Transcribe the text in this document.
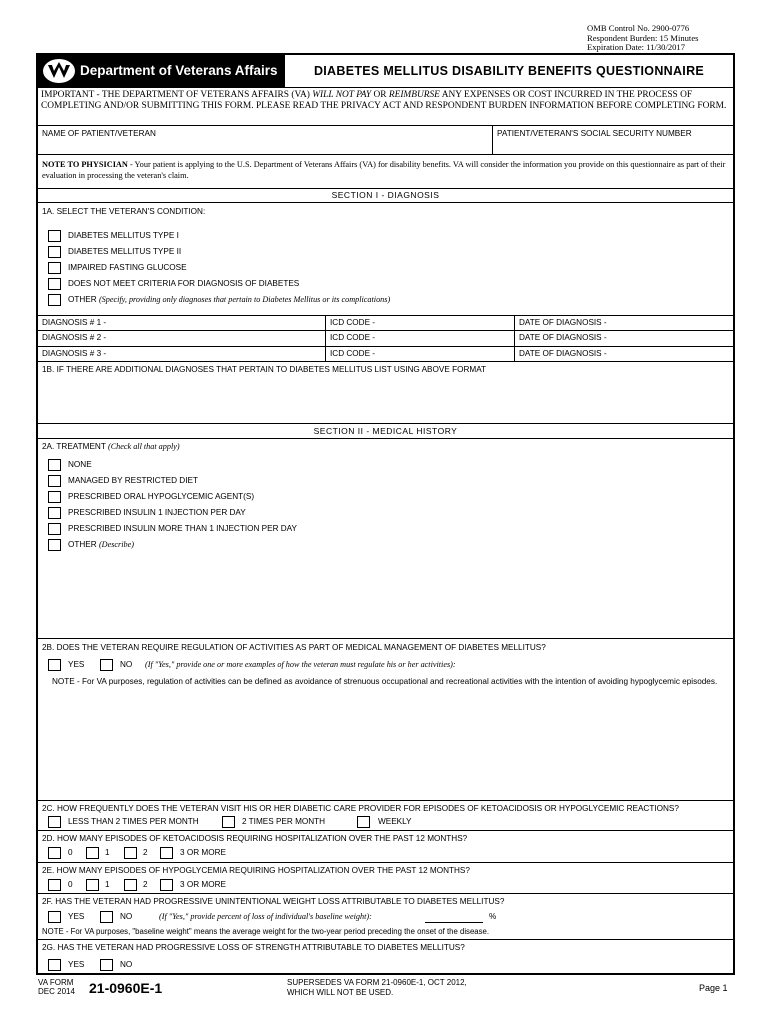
OMB Control No. 2900-0776
Respondent Burden: 15 Minutes
Expiration Date: 11/30/2017
Department of Veterans Affairs	DIABETES MELLITUS DISABILITY BENEFITS QUESTIONNAIRE
IMPORTANT - THE DEPARTMENT OF VETERANS AFFAIRS (VA) WILL NOT PAY OR REIMBURSE ANY EXPENSES OR COST INCURRED IN THE PROCESS OF COMPLETING AND/OR SUBMITTING THIS FORM. PLEASE READ THE PRIVACY ACT AND RESPONDENT BURDEN INFORMATION BEFORE COMPLETING FORM.
NAME OF PATIENT/VETERAN	PATIENT/VETERAN'S SOCIAL SECURITY NUMBER
NOTE TO PHYSICIAN - Your patient is applying to the U.S. Department of Veterans Affairs (VA) for disability benefits. VA will consider the information you provide on this questionnaire as part of their evaluation in processing the veteran's claim.
SECTION I - DIAGNOSIS
1A. SELECT THE VETERAN'S CONDITION:
DIABETES MELLITUS TYPE I
DIABETES MELLITUS TYPE II
IMPAIRED FASTING GLUCOSE
DOES NOT MEET CRITERIA FOR DIAGNOSIS OF DIABETES
OTHER (Specify, providing only diagnoses that pertain to Diabetes Mellitus or its complications)
DIAGNOSIS # 1 -	ICD CODE -	DATE OF DIAGNOSIS -
DIAGNOSIS # 2 -	ICD CODE -	DATE OF DIAGNOSIS -
DIAGNOSIS # 3 -	ICD CODE -	DATE OF DIAGNOSIS -
1B. IF THERE ARE ADDITIONAL DIAGNOSES THAT PERTAIN TO DIABETES MELLITUS LIST USING ABOVE FORMAT
SECTION II - MEDICAL HISTORY
2A. TREATMENT (Check all that apply)
NONE
MANAGED BY RESTRICTED DIET
PRESCRIBED ORAL HYPOGLYCEMIC AGENT(S)
PRESCRIBED INSULIN 1 INJECTION PER DAY
PRESCRIBED INSULIN MORE THAN 1 INJECTION PER DAY
OTHER (Describe)
2B. DOES THE VETERAN REQUIRE REGULATION OF ACTIVITIES AS PART OF MEDICAL MANAGEMENT OF DIABETES MELLITUS?
YES	NO (If "Yes," provide one or more examples of how the veteran must regulate his or her activities):
NOTE - For VA purposes, regulation of activities can be defined as avoidance of strenuous occupational and recreational activities with the intention of avoiding hypoglycemic episodes.
2C. HOW FREQUENTLY DOES THE VETERAN VISIT HIS OR HER DIABETIC CARE PROVIDER FOR EPISODES OF KETOACIDOSIS OR HYPOGLYCEMIC REACTIONS?
LESS THAN 2 TIMES PER MONTH	2 TIMES PER MONTH	WEEKLY
2D. HOW MANY EPISODES OF KETOACIDOSIS REQUIRING HOSPITALIZATION OVER THE PAST 12 MONTHS?
0	1	2	3 OR MORE
2E. HOW MANY EPISODES OF HYPOGLYCEMIA REQUIRING HOSPITALIZATION OVER THE PAST 12 MONTHS?
0	1	2	3 OR MORE
2F. HAS THE VETERAN HAD PROGRESSIVE UNINTENTIONAL WEIGHT LOSS ATTRIBUTABLE TO DIABETES MELLITUS?
YES	NO	(If "Yes," provide percent of loss of individual's baseline weight):	%
NOTE - For VA purposes, "baseline weight" means the average weight for the two-year period preceding the onset of the disease.
2G. HAS THE VETERAN HAD PROGRESSIVE LOSS OF STRENGTH ATTRIBUTABLE TO DIABETES MELLITUS?
YES	NO
VA FORM
DEC 2014 21-0960E-1	SUPERSEDES VA FORM 21-0960E-1, OCT 2012,
WHICH WILL NOT BE USED.	Page 1
